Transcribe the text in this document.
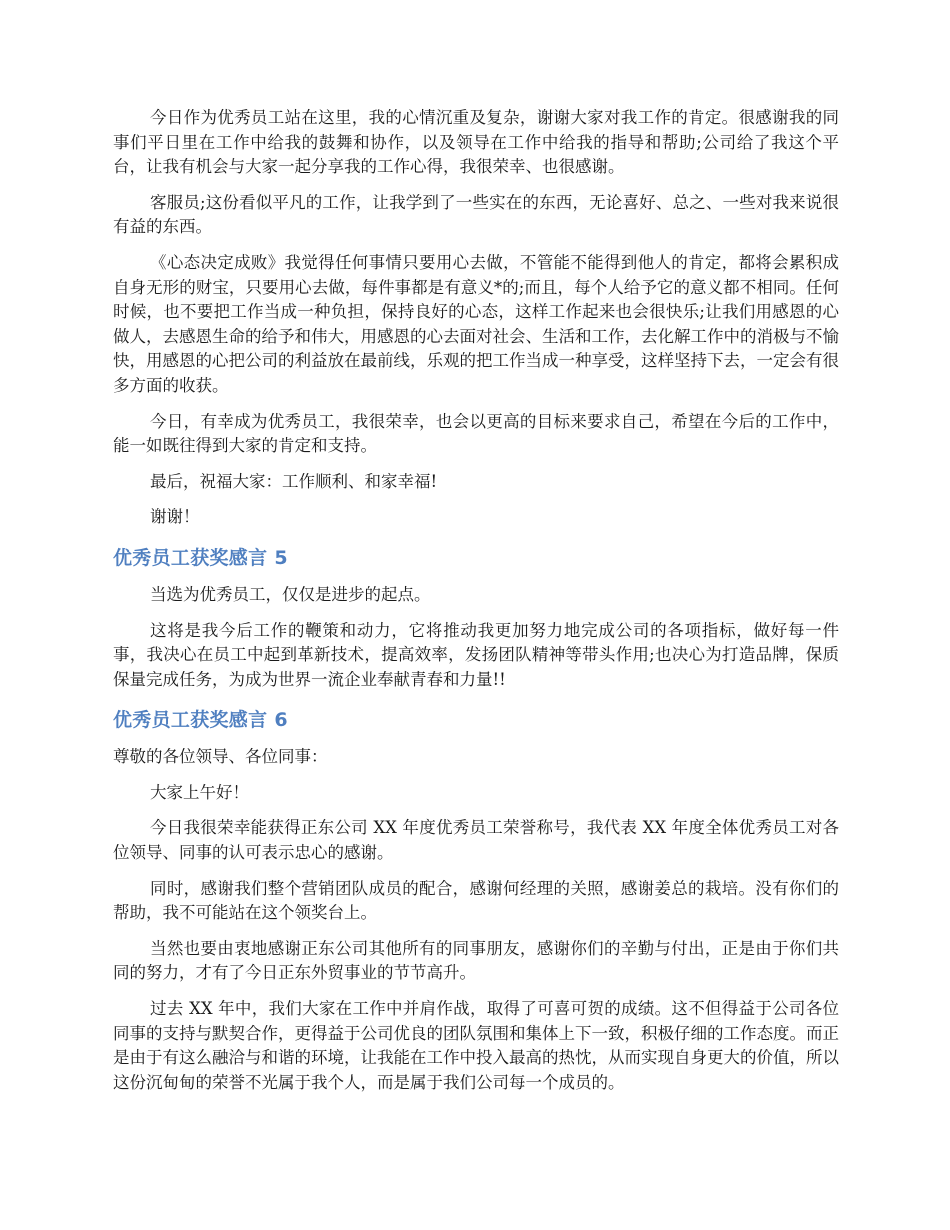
今日作为优秀员工站在这里，我的心情沉重及复杂，谢谢大家对我工作的肯定。很感谢我的同事们平日里在工作中给我的鼓舞和协作，以及领导在工作中给我的指导和帮助;公司给了我这个平台，让我有机会与大家一起分享我的工作心得，我很荣幸、也很感谢。

客服员;这份看似平凡的工作，让我学到了一些实在的东西，无论喜好、总之、一些对我来说很有益的东西。

《心态决定成败》我觉得任何事情只要用心去做，不管能不能得到他人的肯定，都将会累积成自身无形的财宝，只要用心去做，每件事都是有意义*的;而且，每个人给予它的意义都不相同。任何时候，也不要把工作当成一种负担，保持良好的心态，这样工作起来也会很快乐;让我们用感恩的心做人，去感恩生命的给予和伟大，用感恩的心去面对社会、生活和工作，去化解工作中的消极与不愉快，用感恩的心把公司的利益放在最前线，乐观的把工作当成一种享受，这样坚持下去，一定会有很多方面的收获。

今日，有幸成为优秀员工，我很荣幸，也会以更高的目标来要求自己，希望在今后的工作中，能一如既往得到大家的肯定和支持。

最后，祝福大家：工作顺利、和家幸福!

谢谢！

优秀员工获奖感言 5

当选为优秀员工，仅仅是进步的起点。

这将是我今后工作的鞭策和动力，它将推动我更加努力地完成公司的各项指标，做好每一件事，我决心在员工中起到革新技术，提高效率，发扬团队精神等带头作用;也决心为打造品牌，保质保量完成任务，为成为世界一流企业奉献青春和力量!!

优秀员工获奖感言 6

尊敬的各位领导、各位同事：

大家上午好！

今日我很荣幸能获得正东公司 XX 年度优秀员工荣誉称号，我代表 XX 年度全体优秀员工对各位领导、同事的认可表示忠心的感谢。

同时，感谢我们整个营销团队成员的配合，感谢何经理的关照，感谢姜总的栽培。没有你们的帮助，我不可能站在这个领奖台上。

当然也要由衷地感谢正东公司其他所有的同事朋友，感谢你们的辛勤与付出，正是由于你们共同的努力，才有了今日正东外贸事业的节节高升。

过去 XX 年中，我们大家在工作中并肩作战，取得了可喜可贺的成绩。这不但得益于公司各位同事的支持与默契合作，更得益于公司优良的团队氛围和集体上下一致，积极仔细的工作态度。而正是由于有这么融洽与和谐的环境，让我能在工作中投入最高的热忱，从而实现自身更大的价值，所以这份沉甸甸的荣誉不光属于我个人，而是属于我们公司每一个成员的。
